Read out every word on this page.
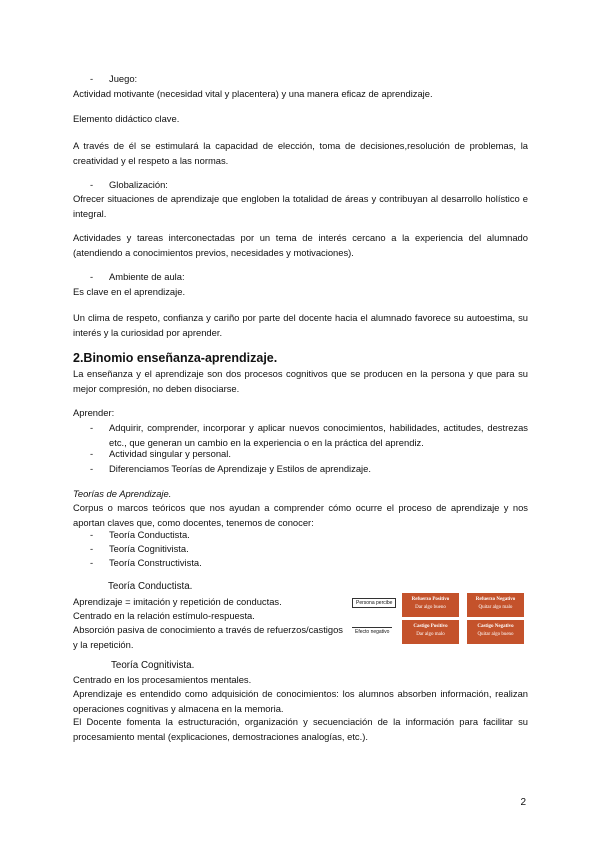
- Juego:

Actividad motivante (necesidad vital y placentera) y una manera eficaz de aprendizaje.

Elemento didáctico clave.

A través de él se estimulará la capacidad de elección, toma de decisiones,resolución de problemas, la creatividad y el respeto a las normas.

- Globalización:

Ofrecer situaciones de aprendizaje que engloben la totalidad de áreas y contribuyan al desarrollo holístico e integral.

Actividades y tareas interconectadas por un tema de interés cercano a la experiencia del alumnado (atendiendo a conocimientos previos, necesidades y motivaciones).

- Ambiente de aula:

Es clave en el aprendizaje.

Un clima de respeto, confianza y cariño por parte del docente hacia el alumnado favorece su autoestima, su interés y la curiosidad por aprender.

2.Binomio enseñanza-aprendizaje.

La enseñanza y el aprendizaje son dos procesos cognitivos que se producen en la persona y que para su mejor compresión, no deben disociarse.

Aprender:

- Adquirir, comprender, incorporar y aplicar nuevos conocimientos, habilidades, actitudes, destrezas etc., que generan un cambio en la experiencia o en la práctica del aprendiz.
- Actividad singular y personal.
- Diferenciamos Teorías de Aprendizaje y Estilos de aprendizaje.

Teorías de Aprendizaje.

Corpus o marcos teóricos que nos ayudan a comprender cómo ocurre el proceso de aprendizaje y nos aportan claves que, como docentes, tenemos de conocer:

- Teoría Conductista.
- Teoría Cognitivista.
- Teoría Constructivista.
Teoría Conductista.

Aprendizaje = imitación y repetición de conductas.

Centrado en la relación estímulo-respuesta.

Absorción pasiva de conocimiento a través de refuerzos/castigos y la repetición.

Persona percibe
Efecto negativo
Refuerzo Positivo
Dar algo bueno
Refuerzo Negativo
Quitar algo malo
Castigo Positivo
Dar algo malo
Castigo Negativo
Quitar algo bueno
Teoría Cognitivista.

Centrado en los procesamientos mentales.

Aprendizaje es entendido como adquisición de conocimientos: los alumnos absorben información, realizan operaciones cognitivas y almacena en la memoria.

El Docente fomenta la estructuración, organización y secuenciación de la información para facilitar su procesamiento mental (explicaciones, demostraciones analogías, etc.).

2
